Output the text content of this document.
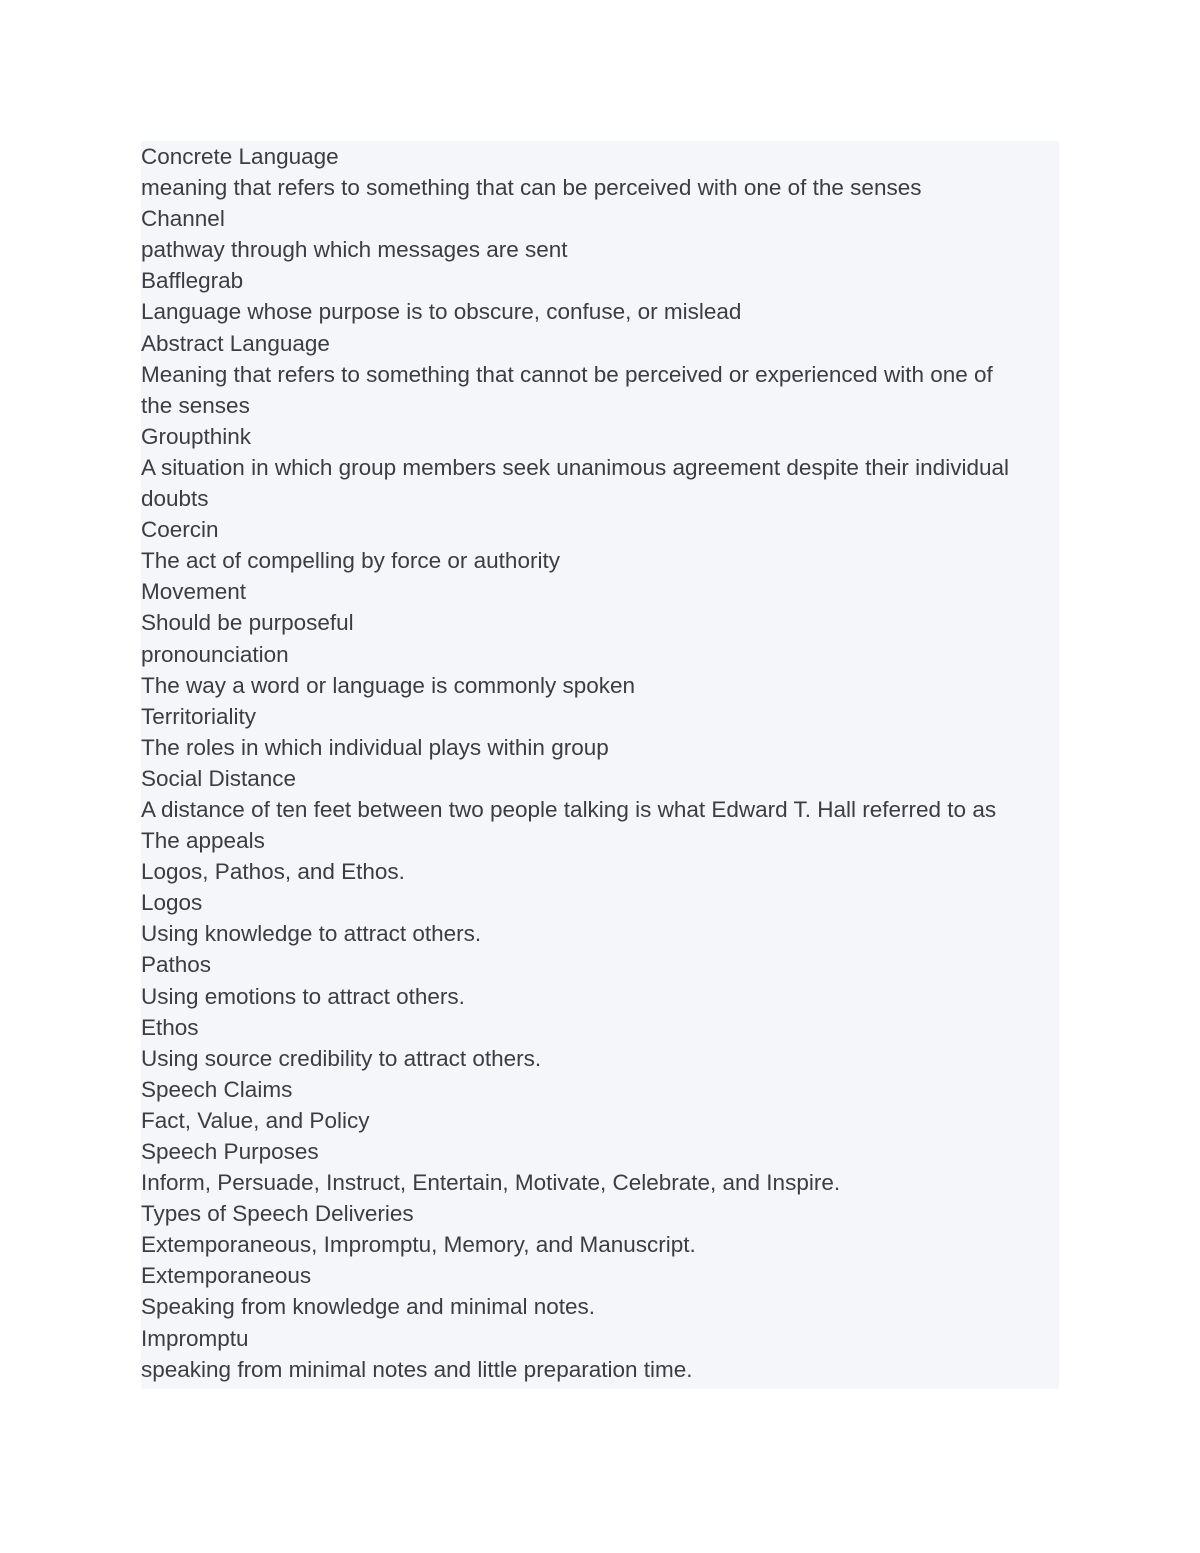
Concrete Language
meaning that refers to something that can be perceived with one of the senses
Channel
pathway through which messages are sent
Bafflegrab
Language whose purpose is to obscure, confuse, or mislead
Abstract Language
Meaning that refers to something that cannot be perceived or experienced with one of
the senses
Groupthink
A situation in which group members seek unanimous agreement despite their individual
doubts
Coercin
The act of compelling by force or authority
Movement
Should be purposeful
pronounciation
The way a word or language is commonly spoken
Territoriality
The roles in which individual plays within group
Social Distance
A distance of ten feet between two people talking is what Edward T. Hall referred to as
The appeals
Logos, Pathos, and Ethos.
Logos
Using knowledge to attract others.
Pathos
Using emotions to attract others.
Ethos
Using source credibility to attract others.
Speech Claims
Fact, Value, and Policy
Speech Purposes
Inform, Persuade, Instruct, Entertain, Motivate, Celebrate, and Inspire.
Types of Speech Deliveries
Extemporaneous, Impromptu, Memory, and Manuscript.
Extemporaneous
Speaking from knowledge and minimal notes.
Impromptu
speaking from minimal notes and little preparation time.
